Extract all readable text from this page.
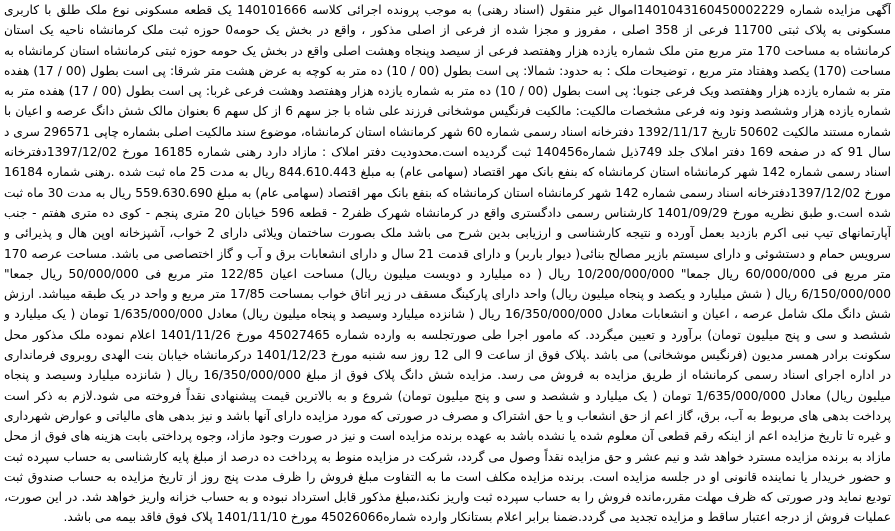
آگهی مزایده شماره 1401043160450002229اموال غیر منقول (اسناد رهنی) به موجب پرونده اجرائی کلاسه 140101666 یک قطعه مسکونی نوع ملک طلق با کاربری مسکونی به پلاک ثبتی 11700 فرعی از 358 اصلی ، مفروز و مجزا شده از فرعی از اصلی مذکور ، واقع در بخش یک حومه0 حوزه ثبت ملک کرمانشاه ناحیه یک استان کرمانشاه به مساحت 170 متر مربع متن ملک شماره یازده هزار وهفتصد فرعی از سیصد وپنجاه وهشت اصلی واقع در بخش یک حومه حوزه ثبتی کرمانشاه استان کرمانشاه به مساحت (170) یکصد وهفتاد متر مربع ، توضیحات ملک : به حدود: شمالا: پی است بطول (00 / 10) ده متر به کوچه به عرض هشت متر شرقا: پی است بطول (00 / 17) هفده متر به شماره یازده هزار وهفتصد ویک فرعی جنوبا: پی است بطول (00 / 10) ده متر به شماره یازده هزار وهفتصد وهشت فرعی غربا: پی است بطول (00 / 17) هفده متر به شماره یازده هزار وششصد ونود ونه فرعی مشخصات مالکیت: مالکیت فرنگیس موشخانی فرزند علی شاه با جز سهم 6 از کل سهم 6 بعنوان مالک شش دانگ عرصه و اعیان با شماره مستند مالکیت 50602 تاریخ 1392/11/17 دفترخانه اسناد رسمی شماره 60 شهر کرمانشاه استان کرمانشاه، موضوع سند مالکیت اصلی بشماره چاپی 296571 سری د سال 91 که در صفحه 169 دفتر املاک جلد 749ذیل شماره140456 ثبت گردیده است.محدودیت دفتر املاک : مازاد دارد رهنی شماره 16185 مورخ 1397/12/02دفترخانه اسناد رسمی شماره 142 شهر کرمانشاه استان کرمانشاه که بنفع بانک مهر اقتصاد (سهامی عام) به مبلغ 844.610.443 ریال به مدت 25 ماه ثبت شده .رهنی شماره 16184 مورخ 1397/12/02دفترخانه اسناد رسمی شماره 142 شهر کرمانشاه استان کرمانشاه که بنفع بانک مهر اقتصاد (سهامی عام) به مبلغ 559.630.690 ریال به مدت 30 ماه ثبت شده است.و طبق نظریه مورخ 1401/09/29 کارشناس رسمی دادگستری واقع در کرمانشاه شهرک ظفر2 - قطعه 596 خیابان 20 متری پنجم - کوی ده متری هفتم - جنب آپارتمانهای تیپ نبی اکرم بازدید بعمل آورده و نتیجه کارشناسی و ارزیابی بدین شرح می باشد ملک بصورت ساختمان ویلائی دارای 2 خواب، آشپزخانه اوپن هال و پذیرائی و سرویس حمام و دستشوئی و دارای سیستم بازیر مصالح بنائی( دیوار باربر) و دارای قدمت 21 سال و دارای انشعابات برق و آب و گاز اختصاصی می باشد. مساحت عرصه 170 متر مربع فی 60/000/000 ریال جمعا" 10/200/000/000 ریال ( ده میلیارد و دویست میلیون ریال) مساحت اعیان 122/85 متر مربع فی 50/000/000 ریال جمعا" 6/150/000/000 ریال ( شش میلیارد و یکصد و پنجاه میلیون ریال) واحد دارای پارکینگ مسقف در زیر اتاق خواب بمساحت 17/85 متر مربع و واحد در یک طبقه میباشد. ارزش شش دانگ ملک شامل عرصه ، اعیان و انشعابات معادل 16/350/000/000 ریال ( شانزده میلیارد وسیصد و پنجاه میلیون ریال) معادل 1/635/000/000 تومان ( یک میلیارد و ششصد و سی و پنج میلیون تومان) برآورد و تعیین میگردد. که مامور اجرا طی صورتجلسه به وارده شماره 45027465 مورخ 1401/11/26 اعلام نموده ملک مذکور محل سکونت برادر همسر مدیون (فرنگیس موشخانی) می باشد .پلاک فوق از ساعت 9 الی 12 روز سه شنبه مورخ 1401/12/23 درکرمانشاه خیابان بنت الهدی روبروی فرمانداری در اداره اجرای اسناد رسمی کرمانشاه از طریق مزایده به فروش می رسد. مزایده شش دانگ پلاک فوق از مبلغ 16/350/000/000 ریال ( شانزده میلیارد وسیصد و پنجاه میلیون ریال) معادل 1/635/000/000 تومان ( یک میلیارد و ششصد و سی و پنج میلیون تومان) شروع و به بالاترین قیمت پیشنهادی نقداً فروخته می شود.لازم به ذکر است پرداخت بدهی های مربوط به آب، برق، گاز اعم از حق انشعاب و یا حق اشتراک و مصرف در صورتی که مورد مزایده دارای آنها باشد و نیز بدهی های مالیاتی و عوارض شهرداری و غیره تا تاریخ مزایده اعم از اینکه رقم قطعی آن معلوم شده یا نشده باشد به عهده برنده مزایده است و نیز در صورت وجود مازاد، وجوه پرداختی بابت هزینه های فوق از محل مازاد به برنده مزایده مسترد خواهد شد و نیم عشر و حق مزایده نقداً وصول می گردد، شرکت در مزایده منوط به پرداخت ده درصد از مبلغ پایه کارشناسی به حساب سپرده ثبت و حضور خریدار یا نماینده قانونی او در جلسه مزایده است. برنده مزایده مکلف است ما به التفاوت مبلغ فروش را ظرف مدت پنج روز از تاریخ مزایده به حساب صندوق ثبت تودیع نماید ودر صورتی که ظرف مهلت مقرر،مانده فروش را به حساب سپرده ثبت واریز نکند،مبلغ مذکور قابل استرداد نبوده و به حساب خزانه واریز خواهد شد. در این صورت، عملیات فروش از درجه اعتبار ساقط و مزایده تجدید می گردد.ضمنا برابر اعلام بستانکار وارده شماره45026066 مورخ 1401/11/10 پلاک فوق فاقد بیمه می باشد.
